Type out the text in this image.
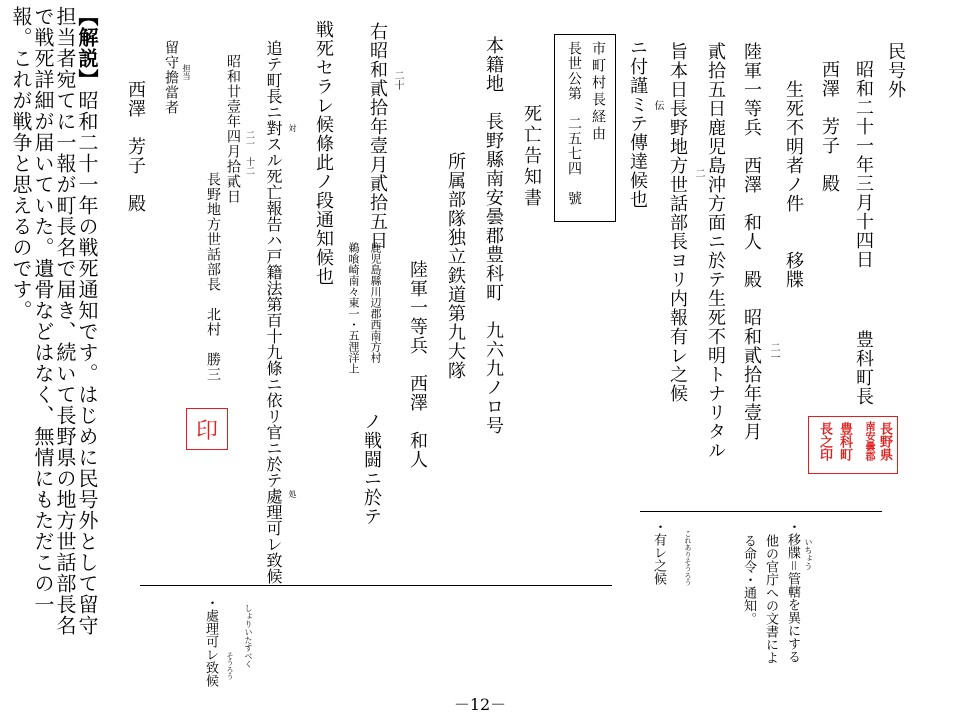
民号外
昭和二十一年三月十四日
豊科町長
長野県
南安曇郡
豊科町
長之印
西澤　芳子　殿
生死不明者ノ件　　移牒
陸軍一等兵　西澤　和人　殿　昭和貳拾年壹月 二一
貳拾五日鹿児島沖方面ニ於テ生死不明トナリタル
二
旨本日長野地方世話部長ヨリ内報有レ之候
ニ付謹ミテ傳達候也 伝
市町村長経由
長世公第　二五七四　號
死亡告知書
本籍地　長野縣南安曇郡豊科町　九六九ノロ号
所属部隊独立鉄道第九大隊
陸軍一等兵　西澤　和人
右昭和貳拾年壹月貳拾五日 二十
鹿児島縣川辺郡西南方村
鵜喰崎南々東一・五浬洋上
ノ戦闘ニ於テ
戦死セラレ候條此ノ段通知候也
追テ町長ニ對スル死亡報告ハ戸籍法第百十九條ニ依リ官ニ於テ處理可レ致候 対
処
昭和廿壹年四月拾貳日 二一　十二
長野地方世話部長　北村　勝三
印
留守擔當者 担当
西澤　芳子　殿
【解説】昭和二十一年の戦死通知です。はじめに民号外として留守担当者宛てに一報が町長名で届き、続いて長野県の地方世話部長名で戦死詳細が届いていた。遺骨などはなく、無情にもただこの一報。これが戦争と思えるのです。
いちょう
・移牒＝管轄を異にする
他の官庁への文書によ
る命令・通知。
これありそうろう
・有レ之候
しょりいたすべく
そうろう
・處理可レ致候
－12－
